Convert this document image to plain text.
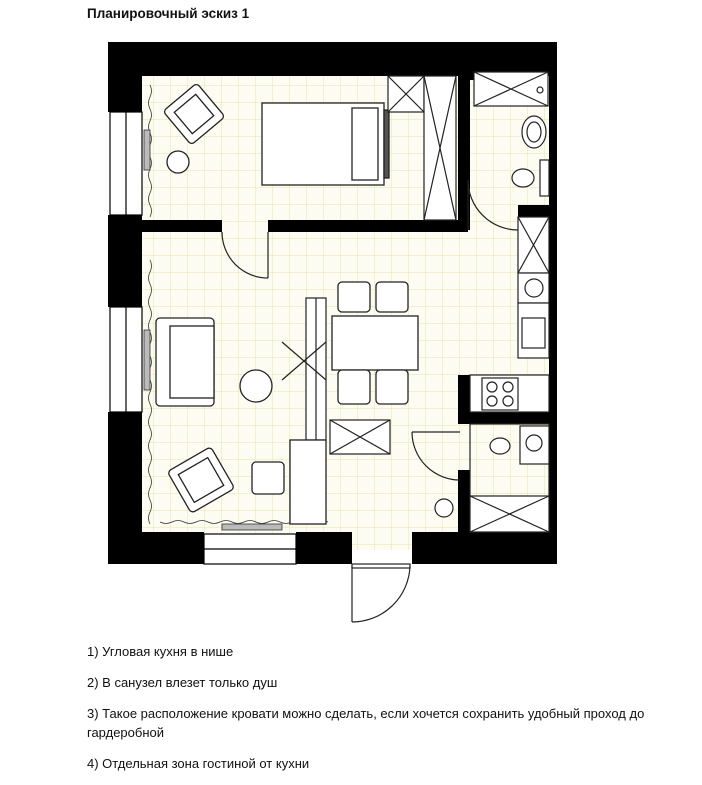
Планировочный эскиз 1

1) Угловая кухня в нише

2) В санузел влезет только душ

3) Такое расположение кровати можно сделать, если хочется сохранить удобный проход до гардеробной

4) Отдельная зона гостиной от кухни
